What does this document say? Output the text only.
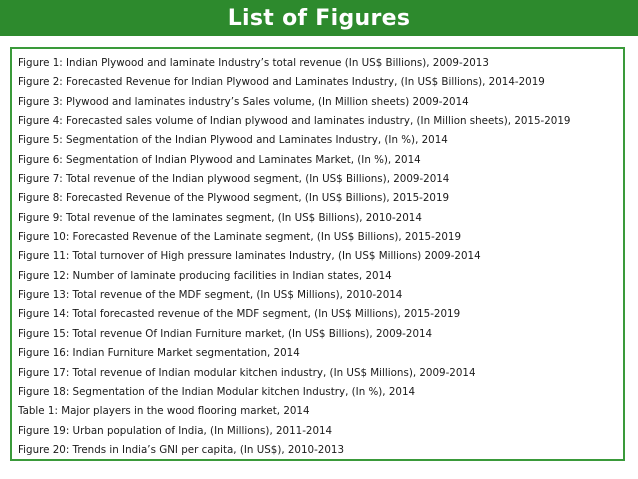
List of Figures
Figure 1: Indian Plywood and laminate Industry’s total revenue (In US$ Billions), 2009-2013
Figure 2: Forecasted Revenue for Indian Plywood and Laminates Industry, (In US$ Billions), 2014-2019
Figure 3: Plywood and laminates industry’s Sales volume, (In Million sheets) 2009-2014
Figure 4: Forecasted sales volume of Indian plywood and laminates industry, (In Million sheets), 2015-2019
Figure 5: Segmentation of the Indian Plywood and Laminates Industry, (In %), 2014
Figure 6: Segmentation of Indian Plywood and Laminates Market, (In %), 2014
Figure 7: Total revenue of the Indian plywood segment, (In US$ Billions), 2009-2014
Figure 8: Forecasted Revenue of the Plywood segment, (In US$ Billions), 2015-2019
Figure 9: Total revenue of the laminates segment, (In US$ Billions), 2010-2014
Figure 10: Forecasted Revenue of the Laminate segment, (In US$ Billions), 2015-2019
Figure 11: Total turnover of High pressure laminates Industry, (In US$ Millions) 2009-2014
Figure 12: Number of laminate producing facilities in Indian states, 2014
Figure 13: Total revenue of the MDF segment, (In US$ Millions), 2010-2014
Figure 14: Total forecasted revenue of the MDF segment, (In US$ Millions), 2015-2019
Figure 15: Total revenue Of Indian Furniture market, (In US$ Billions), 2009-2014
Figure 16: Indian Furniture Market segmentation, 2014
Figure 17: Total revenue of Indian modular kitchen industry, (In US$ Millions), 2009-2014
Figure 18: Segmentation of the Indian Modular kitchen Industry, (In %), 2014
Table 1: Major players in the wood flooring market, 2014
Figure 19: Urban population of India, (In Millions), 2011-2014
Figure 20: Trends in India’s GNI per capita, (In US$), 2010-2013
